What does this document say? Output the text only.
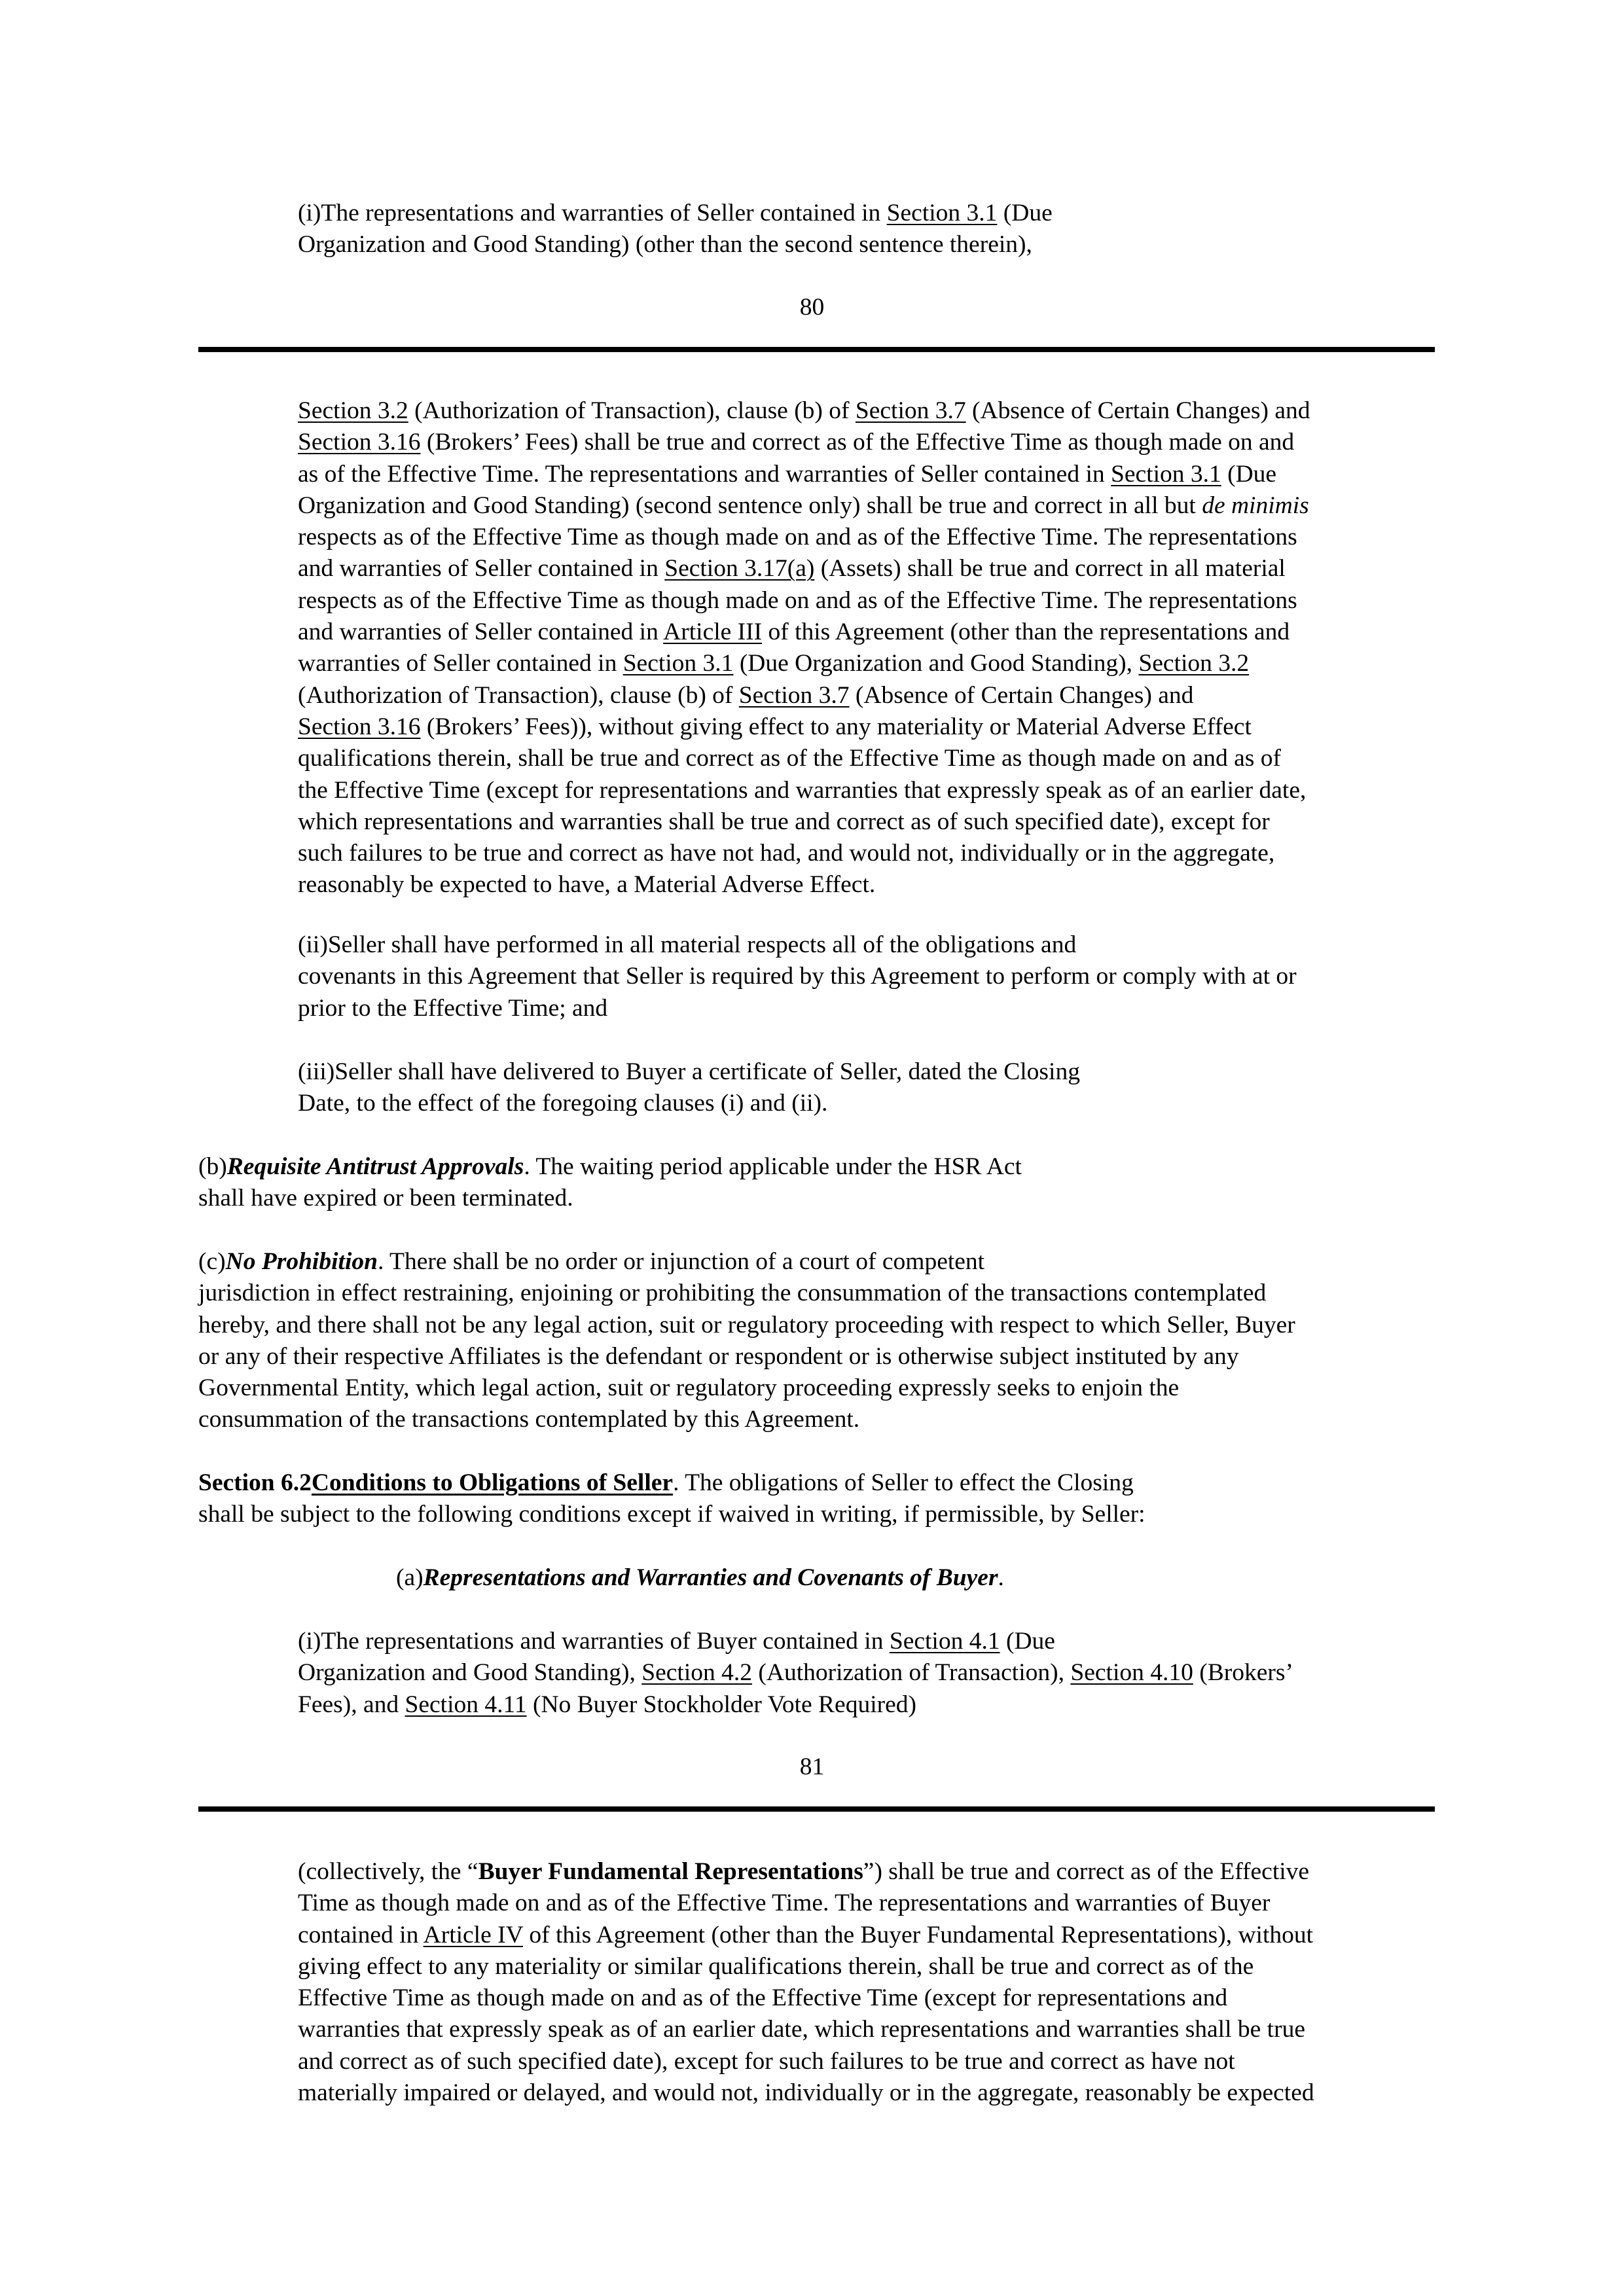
(i)The representations and warranties of Seller contained in Section 3.1 (Due
Organization and Good Standing) (other than the second sentence therein),

80

Section 3.2 (Authorization of Transaction), clause (b) of Section 3.7 (Absence of Certain Changes) and
Section 3.16 (Brokers’ Fees) shall be true and correct as of the Effective Time as though made on and
as of the Effective Time. The representations and warranties of Seller contained in Section 3.1 (Due
Organization and Good Standing) (second sentence only) shall be true and correct in all but de minimis
respects as of the Effective Time as though made on and as of the Effective Time. The representations
and warranties of Seller contained in Section 3.17(a) (Assets) shall be true and correct in all material
respects as of the Effective Time as though made on and as of the Effective Time. The representations
and warranties of Seller contained in Article III of this Agreement (other than the representations and
warranties of Seller contained in Section 3.1 (Due Organization and Good Standing), Section 3.2
(Authorization of Transaction), clause (b) of Section 3.7 (Absence of Certain Changes) and
Section 3.16 (Brokers’ Fees)), without giving effect to any materiality or Material Adverse Effect
qualifications therein, shall be true and correct as of the Effective Time as though made on and as of
the Effective Time (except for representations and warranties that expressly speak as of an earlier date,
which representations and warranties shall be true and correct as of such specified date), except for
such failures to be true and correct as have not had, and would not, individually or in the aggregate,
reasonably be expected to have, a Material Adverse Effect.
(ii)Seller shall have performed in all material respects all of the obligations and
covenants in this Agreement that Seller is required by this Agreement to perform or comply with at or
prior to the Effective Time; and
(iii)Seller shall have delivered to Buyer a certificate of Seller, dated the Closing
Date, to the effect of the foregoing clauses (i) and (ii).
(b)Requisite Antitrust Approvals. The waiting period applicable under the HSR Act
shall have expired or been terminated.
(c)No Prohibition. There shall be no order or injunction of a court of competent
jurisdiction in effect restraining, enjoining or prohibiting the consummation of the transactions contemplated
hereby, and there shall not be any legal action, suit or regulatory proceeding with respect to which Seller, Buyer
or any of their respective Affiliates is the defendant or respondent or is otherwise subject instituted by any
Governmental Entity, which legal action, suit or regulatory proceeding expressly seeks to enjoin the
consummation of the transactions contemplated by this Agreement.
Section 6.2Conditions to Obligations of Seller. The obligations of Seller to effect the Closing
shall be subject to the following conditions except if waived in writing, if permissible, by Seller:
(a)Representations and Warranties and Covenants of Buyer.
(i)The representations and warranties of Buyer contained in Section 4.1 (Due
Organization and Good Standing), Section 4.2 (Authorization of Transaction), Section 4.10 (Brokers’
Fees), and Section 4.11 (No Buyer Stockholder Vote Required)

81

(collectively, the “Buyer Fundamental Representations”) shall be true and correct as of the Effective
Time as though made on and as of the Effective Time. The representations and warranties of Buyer
contained in Article IV of this Agreement (other than the Buyer Fundamental Representations), without
giving effect to any materiality or similar qualifications therein, shall be true and correct as of the
Effective Time as though made on and as of the Effective Time (except for representations and
warranties that expressly speak as of an earlier date, which representations and warranties shall be true
and correct as of such specified date), except for such failures to be true and correct as have not
materially impaired or delayed, and would not, individually or in the aggregate, reasonably be expected
